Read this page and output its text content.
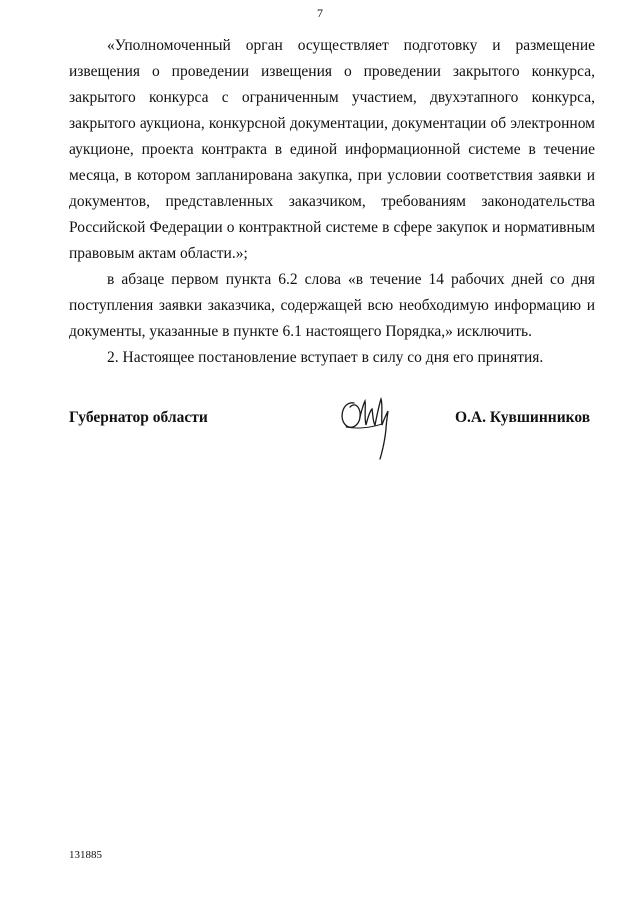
7

«Уполномоченный орган осуществляет подготовку и размещение извещения о проведении извещения о проведении закрытого конкурса, закрытого конкурса с ограниченным участием, двухэтапного конкурса, закрытого аукциона, конкурсной документации, документации об электронном аукционе, проекта контракта в единой информационной системе в течение месяца, в котором запланирована закупка, при условии соответствия заявки и документов, представленных заказчиком, требованиям законодательства Российской Федерации о контрактной системе в сфере закупок и нормативным правовым актам области.»;

в абзаце первом пункта 6.2 слова «в течение 14 рабочих дней со дня поступления заявки заказчика, содержащей всю необходимую информацию и документы, указанные в пункте 6.1 настоящего Порядка,» исключить.

2. Настоящее постановление вступает в силу со дня его принятия.

Губернатор области	О.А. Кувшинников
131885
